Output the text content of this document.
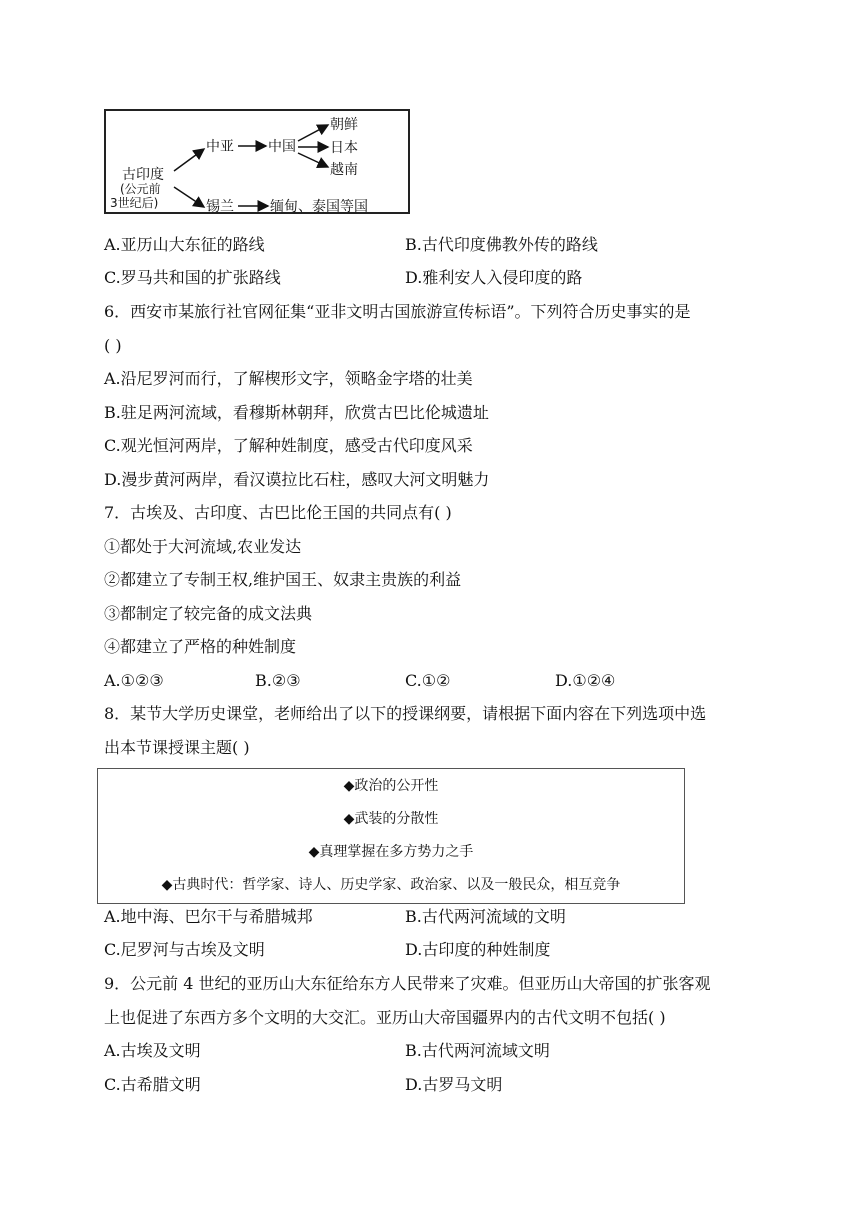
古印度
(公元前
3世纪后)
中亚 中国
朝鲜
日本
越南
锡兰	缅甸、泰国等国
A.亚历山大东征的路线	B.古代印度佛教外传的路线
C.罗马共和国的扩张路线	D.雅利安人入侵印度的路
6．西安市某旅行社官网征集“亚非文明古国旅游宣传标语”。下列符合历史事实的是
( )
A.沿尼罗河而行，了解楔形文字，领略金字塔的壮美
B.驻足两河流域，看穆斯林朝拜，欣赏古巴比伦城遗址
C.观光恒河两岸，了解种姓制度，感受古代印度风采
D.漫步黄河两岸，看汉谟拉比石柱，感叹大河文明魅力
7．古埃及、古印度、古巴比伦王国的共同点有( )
①都处于大河流域,农业发达
②都建立了专制王权,维护国王、奴隶主贵族的利益
③都制定了较完备的成文法典
④都建立了严格的种姓制度
A.①②③	B.②③	C.①②	D.①②④
8．某节大学历史课堂，老师给出了以下的授课纲要，请根据下面内容在下列选项中选
出本节课授课主题( )
◆政治的公开性
◆武装的分散性
◆真理掌握在多方势力之手
◆古典时代：哲学家、诗人、历史学家、政治家、以及一般民众，相互竞争
A.地中海、巴尔干与希腊城邦	B.古代两河流域的文明
C.尼罗河与古埃及文明	D.古印度的种姓制度
9．公元前 4 世纪的亚历山大东征给东方人民带来了灾难。但亚历山大帝国的扩张客观
上也促进了东西方多个文明的大交汇。亚历山大帝国疆界内的古代文明不包括( )
A.古埃及文明	B.古代两河流域文明
C.古希腊文明	D.古罗马文明
